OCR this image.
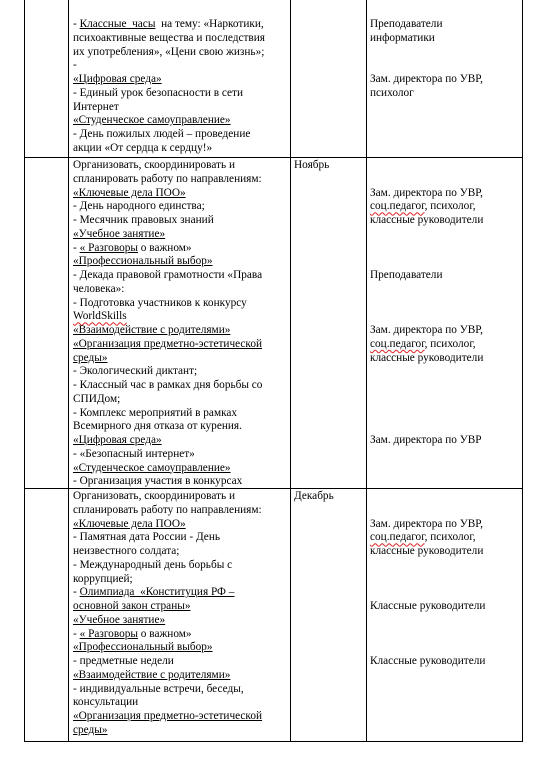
- Классные  часы  на тему: «Наркотики,
психоактивные вещества и последствия
их употребления», «Цени свою жизнь»;
-
«Цифровая среда»
- Единый урок безопасности в сети
Интернет
«Студенческое самоуправление»
- День пожилых людей – проведение
акции «От сердца к сердцу!»
Преподаватели
информатики

Зам. директора по УВР,
психолог
Организовать, скоординировать и
спланировать работу по направлениям:
«Ключевые дела ПОО»
- День народного единства;
- Месячник правовых знаний
«Учебное занятие»
- « Разговоры о важном»
«Профессиональный выбор»
- Декада правовой грамотности «Права
человека»:
- Подготовка участников к конкурсу
WorldSkills
«Взаимодействие с родителями»
«Организация предметно-эстетической
среды»
- Экологический диктант;
- Классный час в рамках дня борьбы со
СПИДом;
- Комплекс мероприятий в рамках
Всемирного дня отказа от курения.
«Цифровая среда»
- «Безопасный интернет»
«Студенческое самоуправление»
- Организация участия в конкурсах
Ноябрь

Зам. директора по УВР,
соц.педагог, психолог,
классные руководители

Преподаватели

Зам. директора по УВР,
соц.педагог, психолог,
классные руководители

Зам. директора по УВР
Организовать, скоординировать и
спланировать работу по направлениям:
«Ключевые дела ПОО»
- Памятная дата России - День
неизвестного солдата;
- Международный день борьбы с
коррупцией;
- Олимпиада  «Конституция РФ –
основной закон страны»
«Учебное занятие»
- « Разговоры о важном»
«Профессиональный выбор»
- предметные недели
«Взаимодействие с родителями»
- индивидуальные встречи, беседы,
консультации
«Организация предметно-эстетической
среды»
Декабрь

Зам. директора по УВР,
соц.педагог, психолог,
классные руководители

Классные руководители

Классные руководители
